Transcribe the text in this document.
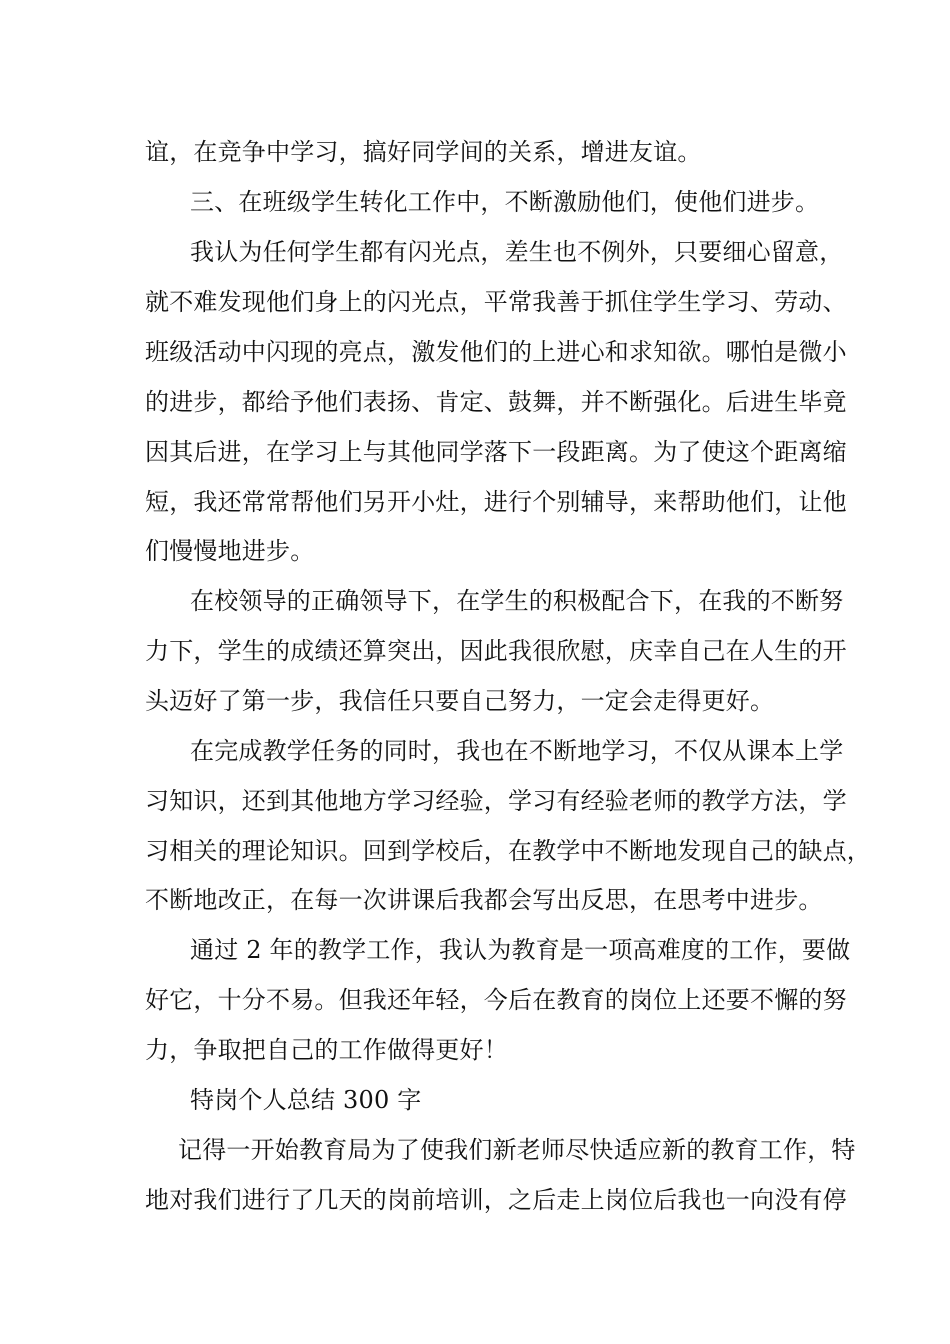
谊，在竞争中学习，搞好同学间的关系，增进友谊。
三、在班级学生转化工作中，不断激励他们，使他们进步。
我认为任何学生都有闪光点，差生也不例外，只要细心留意，
就不难发现他们身上的闪光点，平常我善于抓住学生学习、劳动、
班级活动中闪现的亮点，激发他们的上进心和求知欲。哪怕是微小
的进步，都给予他们表扬、肯定、鼓舞，并不断强化。后进生毕竟
因其后进，在学习上与其他同学落下一段距离。为了使这个距离缩
短，我还常常帮他们另开小灶，进行个别辅导，来帮助他们，让他
们慢慢地进步。
在校领导的正确领导下，在学生的积极配合下，在我的不断努
力下，学生的成绩还算突出，因此我很欣慰，庆幸自己在人生的开
头迈好了第一步，我信任只要自己努力，一定会走得更好。
在完成教学任务的同时，我也在不断地学习，不仅从课本上学
习知识，还到其他地方学习经验，学习有经验老师的教学方法，学
习相关的理论知识。回到学校后，在教学中不断地发现自己的缺点，
不断地改正，在每一次讲课后我都会写出反思，在思考中进步。
通过 2 年的教学工作，我认为教育是一项高难度的工作，要做
好它，十分不易。但我还年轻，今后在教育的岗位上还要不懈的努
力，争取把自己的工作做得更好！
特岗个人总结 300 字
记得一开始教育局为了使我们新老师尽快适应新的教育工作，特
地对我们进行了几天的岗前培训，之后走上岗位后我也一向没有停
